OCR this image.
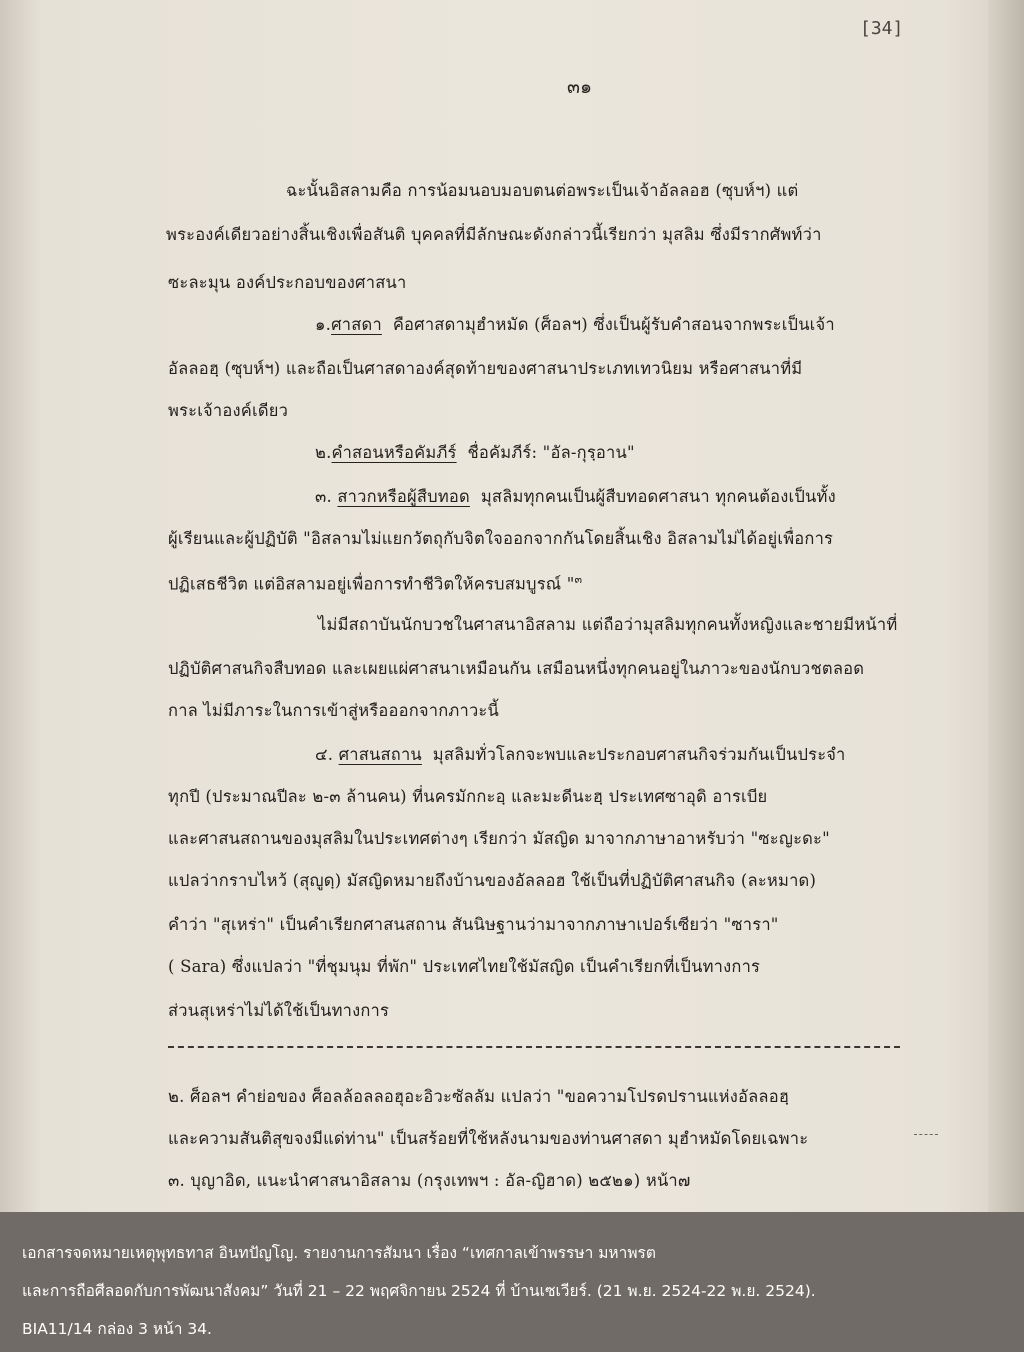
[34]
๓๑
ฉะนั้นอิสลามคือ การน้อมนอบมอบตนต่อพระเป็นเจ้าอัลลอฮ (ซุบห์ฯ) แต่
พระองค์เดียวอย่างสิ้นเชิงเพื่อสันติ บุคคลที่มีลักษณะดังกล่าวนี้เรียกว่า มุสลิม ซึ่งมีรากศัพท์ว่า
ซะละมุน องค์ประกอบของศาสนา
๑.ศาสดา คือศาสดามุฮำหมัด (ศ็อลฯ) ซึ่งเป็นผู้รับคำสอนจากพระเป็นเจ้า
อัลลอฮฺ (ซุบห์ฯ) และถือเป็นศาสดาองค์สุดท้ายของศาสนาประเภทเทวนิยม หรือศาสนาที่มี
พระเจ้าองค์เดียว
๒.คำสอนหรือคัมภีร์ ชื่อคัมภีร์: "อัล-กุรฺอาน"
๓. สาวกหรือผู้สืบทอด มุสลิมทุกคนเป็นผู้สืบทอดศาสนา ทุกคนต้องเป็นทั้ง
ผู้เรียนและผู้ปฏิบัติ "อิสลามไม่แยกวัตถุกับจิตใจออกจากกันโดยสิ้นเชิง อิสลามไม่ได้อยู่เพื่อการ
ปฏิเสธชีวิต แต่อิสลามอยู่เพื่อการทำชีวิตให้ครบสมบูรณ์ "$^๓$
ไม่มีสถาบันนักบวชในศาสนาอิสลาม แต่ถือว่ามุสลิมทุกคนทั้งหญิงและชายมีหน้าที่
ปฏิบัติศาสนกิจสืบทอด และเผยแผ่ศาสนาเหมือนกัน เสมือนหนึ่งทุกคนอยู่ในภาวะของนักบวชตลอด
กาล ไม่มีภาระในการเข้าสู่หรือออกจากภาวะนี้
๔. ศาสนสถาน มุสลิมทั่วโลกจะพบและประกอบศาสนกิจร่วมกันเป็นประจำ
ทุกปี (ประมาณปีละ ๒-๓ ล้านคน) ที่นครมักกะอฺ และมะดีนะฮฺ ประเทศซาอุดิ อารเบีย
และศาสนสถานของมุสลิมในประเทศต่างๆ เรียกว่า มัสญิด มาจากภาษาอาหรับว่า "ซะญะดะ"
แปลว่ากราบไหว้ (สุญูดฺ) มัสญิดหมายถึงบ้านของอัลลอฮ ใช้เป็นที่ปฏิบัติศาสนกิจ (ละหมาด)
คำว่า "สุเหร่า" เป็นคำเรียกศาสนสถาน สันนิษฐานว่ามาจากภาษาเปอร์เซียว่า "ซารา"
( Sara) ซึ่งแปลว่า "ที่ชุมนุม ที่พัก" ประเทศไทยใช้มัสญิด เป็นคำเรียกที่เป็นทางการ
ส่วนสุเหร่าไม่ได้ใช้เป็นทางการ
๒. ศ็อลฯ คำย่อของ ศ็อลล้อลลอฮุอะอิวะซัลลัม แปลว่า "ขอความโปรดปรานแห่งอัลลอฮฺ
และความสันติสุขจงมีแด่ท่าน" เป็นสร้อยที่ใช้หลังนามของท่านศาสดา มุฮำหมัดโดยเฉพาะ
๓. บุญาอิด, แนะนำศาสนาอิสลาม (กรุงเทพฯ : อัล-ญิฮาด) ๒๕๒๑) หน้า๗
เอกสารจดหมายเหตุพุทธทาส อินทปัญโญ. รายงานการสัมนา เรื่อง “เทศกาลเข้าพรรษา มหาพรต
และการถือศีลอดกับการพัฒนาสังคม” วันที่ 21 – 22 พฤศจิกายน 2524 ที่ บ้านเซเวียร์. (21 พ.ย. 2524-22 พ.ย. 2524).
BIA11/14 กล่อง 3 หน้า 34.
